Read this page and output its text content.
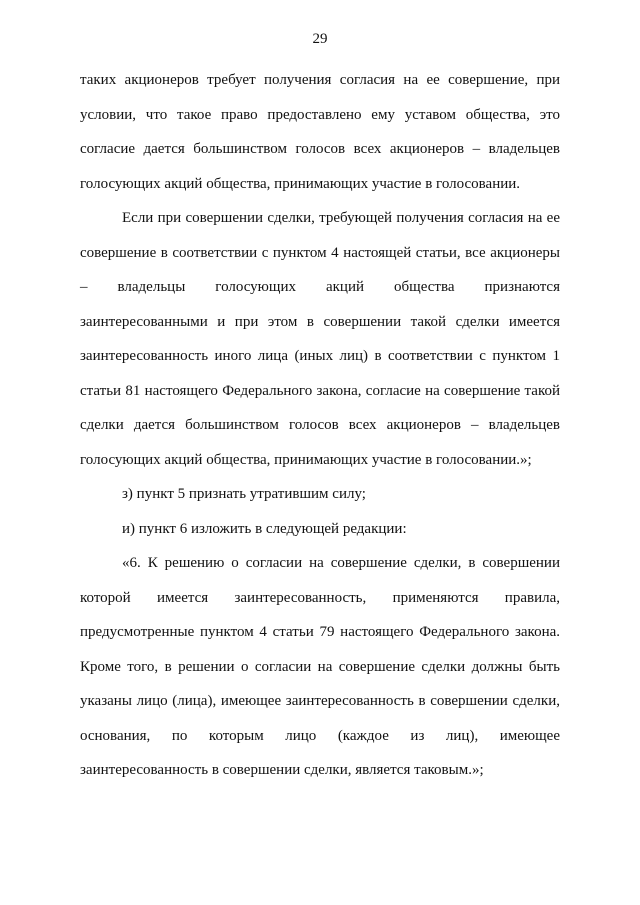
29

таких акционеров требует получения согласия на ее совершение, при условии, что такое право предоставлено ему уставом общества, это согласие дается большинством голосов всех акционеров – владельцев голосующих акций общества, принимающих участие в голосовании.

Если при совершении сделки, требующей получения согласия на ее совершение в соответствии с пунктом 4 настоящей статьи, все акционеры – владельцы голосующих акций общества признаются заинтересованными и при этом в совершении такой сделки имеется заинтересованность иного лица (иных лиц) в соответствии с пунктом 1 статьи 81 настоящего Федерального закона, согласие на совершение такой сделки дается большинством голосов всех акционеров – владельцев голосующих акций общества, принимающих участие в голосовании.»;

з) пункт 5 признать утратившим силу;

и) пункт 6 изложить в следующей редакции:

«6. К решению о согласии на совершение сделки, в совершении которой имеется заинтересованность, применяются правила, предусмотренные пунктом 4 статьи 79 настоящего Федерального закона. Кроме того, в решении о согласии на совершение сделки должны быть указаны лицо (лица), имеющее заинтересованность в совершении сделки, основания, по которым лицо (каждое из лиц), имеющее заинтересованность в совершении сделки, является таковым.»;
